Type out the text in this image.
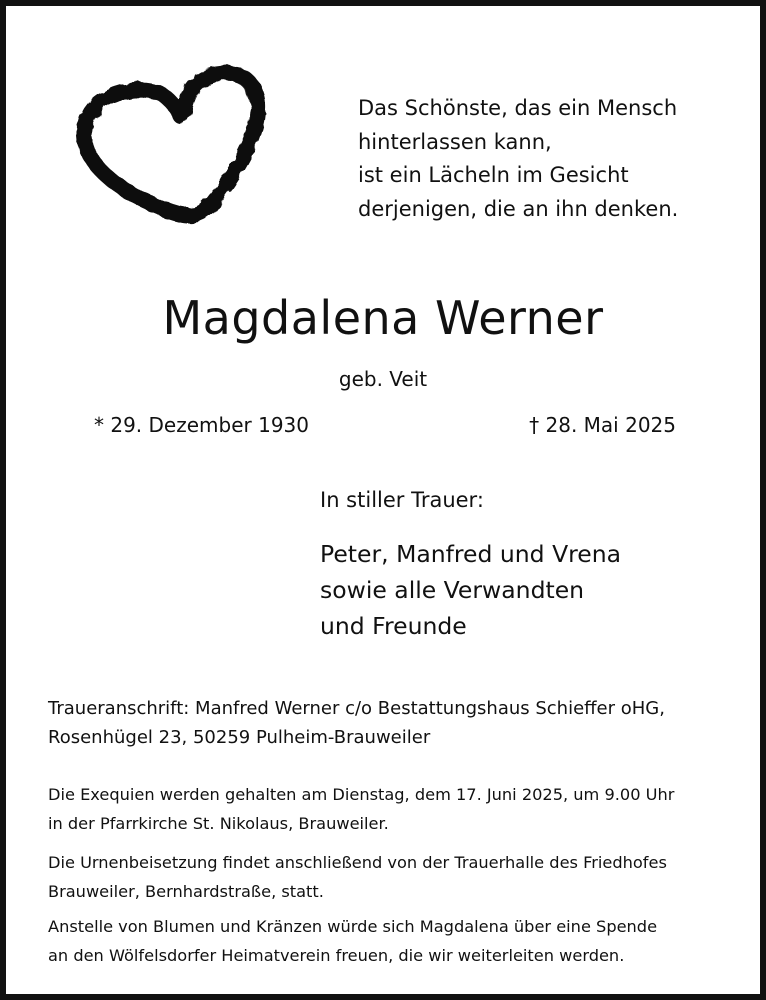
Das Schönste, das ein Mensch
hinterlassen kann,
ist ein Lächeln im Gesicht
derjenigen, die an ihn denken.
Magdalena Werner
geb. Veit
* 29. Dezember 1930	† 28. Mai 2025
In stiller Trauer:
Peter, Manfred und Vrena
sowie alle Verwandten
und Freunde
Traueranschrift: Manfred Werner c/o Bestattungshaus Schieffer oHG,
Rosenhügel 23, 50259 Pulheim-Brauweiler
Die Exequien werden gehalten am Dienstag, dem 17. Juni 2025, um 9.00 Uhr
in der Pfarrkirche St. Nikolaus, Brauweiler.
Die Urnenbeisetzung findet anschließend von der Trauerhalle des Friedhofes
Brauweiler, Bernhardstraße, statt.
Anstelle von Blumen und Kränzen würde sich Magdalena über eine Spende
an den Wölfelsdorfer Heimatverein freuen, die wir weiterleiten werden.
